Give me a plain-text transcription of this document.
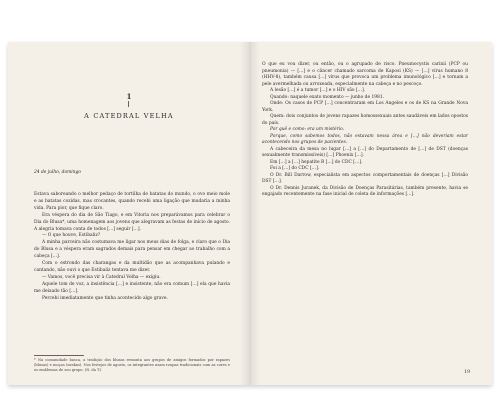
1
A CATEDRAL VELHA
24 de julho, domingo

Estava saboreando o melhor pedaço de tortilha de batatas do mundo, o ovo meio mole e as batatas cozidas, mas crocantes, quando recebi uma ligação que mudaria a minha vida. Para pior, que fique claro.

Era véspera do dia de São Tiago, e em Vitoria nos preparávamos para celebrar o Dia do Blusa*, uma homenagem aos jovens que alegravam as festas de início de agosto. A alegria tomava conta de todos […] seguir […].

— O que houve, Estibaliz?

A minha parceira não costumava me ligar nos meus dias de folga, e claro que o Dia do Blusa e a véspera eram sagrados demais para pensar em chegar ao trabalho com a cabeça […].

Com o estrondo das charangas e da multidão que as acompanhava pulando e cantando, não ouvi o que Estibaliz tentava me dizer.

— Vamos, você precisa vir à Catedral Velha — exigiu.

Aquele tom de voz, a insistência […] e insistente, não era comum […] ela que havia me deixado tão […].

Percebi imediatamente que tinha acontecido algo grave.

* Na comunidade basca, a tradição dos blusas remonta aos grupos de amigos formados por rapazes (blusas) e moças (neskas). Nos festejos de agosto, os integrantes usam roupas tradicionais com as cores e os emblemas de seu grupo. (N. da T.)

O que eu vou dizer, ou então, ou o agrupado de risco. Pneumocystis carinii (PCP ou pneumonia) — […] e o câncer chamado sarcoma de Kaposi (KS) — […] vírus humano 8 (HHV-8), também causa […] vírus que provoca um problema imunológico […] e tornam a pele avermelhada ou arroxeada, especialmente na cabeça e no pescoço.

A lesão […] é a tumor […] e o HIV são […].

Quando: naquele exato momento — junho de 1981.

Onde: Os casos de PCP […] concentraram em Los Angeles e os de KS na Grande Nova York.

Quem: dois conjuntos de jovens rapazes homossexuais antes saudáveis em lados opostos do país.

Por quê e como: era um mistério.

Porque, como sabemos todos, não estavam nessa área e […] não deveriam estar acontecendo nos grupos de pacientes.

A cabeceira da mesa no lugar […] a […] do Departamento de […] de DST (doenças sexualmente transmissíveis) […] Phoenix […].

Em […] a […] hepatite B […] do CDC […].

Foi a […] do CDC […].

O Dr. Bill Darrow, especialista em aspectos comportamentais de doenças […] Divisão DST […].

O Dr. Dennis Juranek, da Divisão de Doenças Parasitárias, também presente, havia se engajado recentemente na fase inicial de coleta de informações […].

19
